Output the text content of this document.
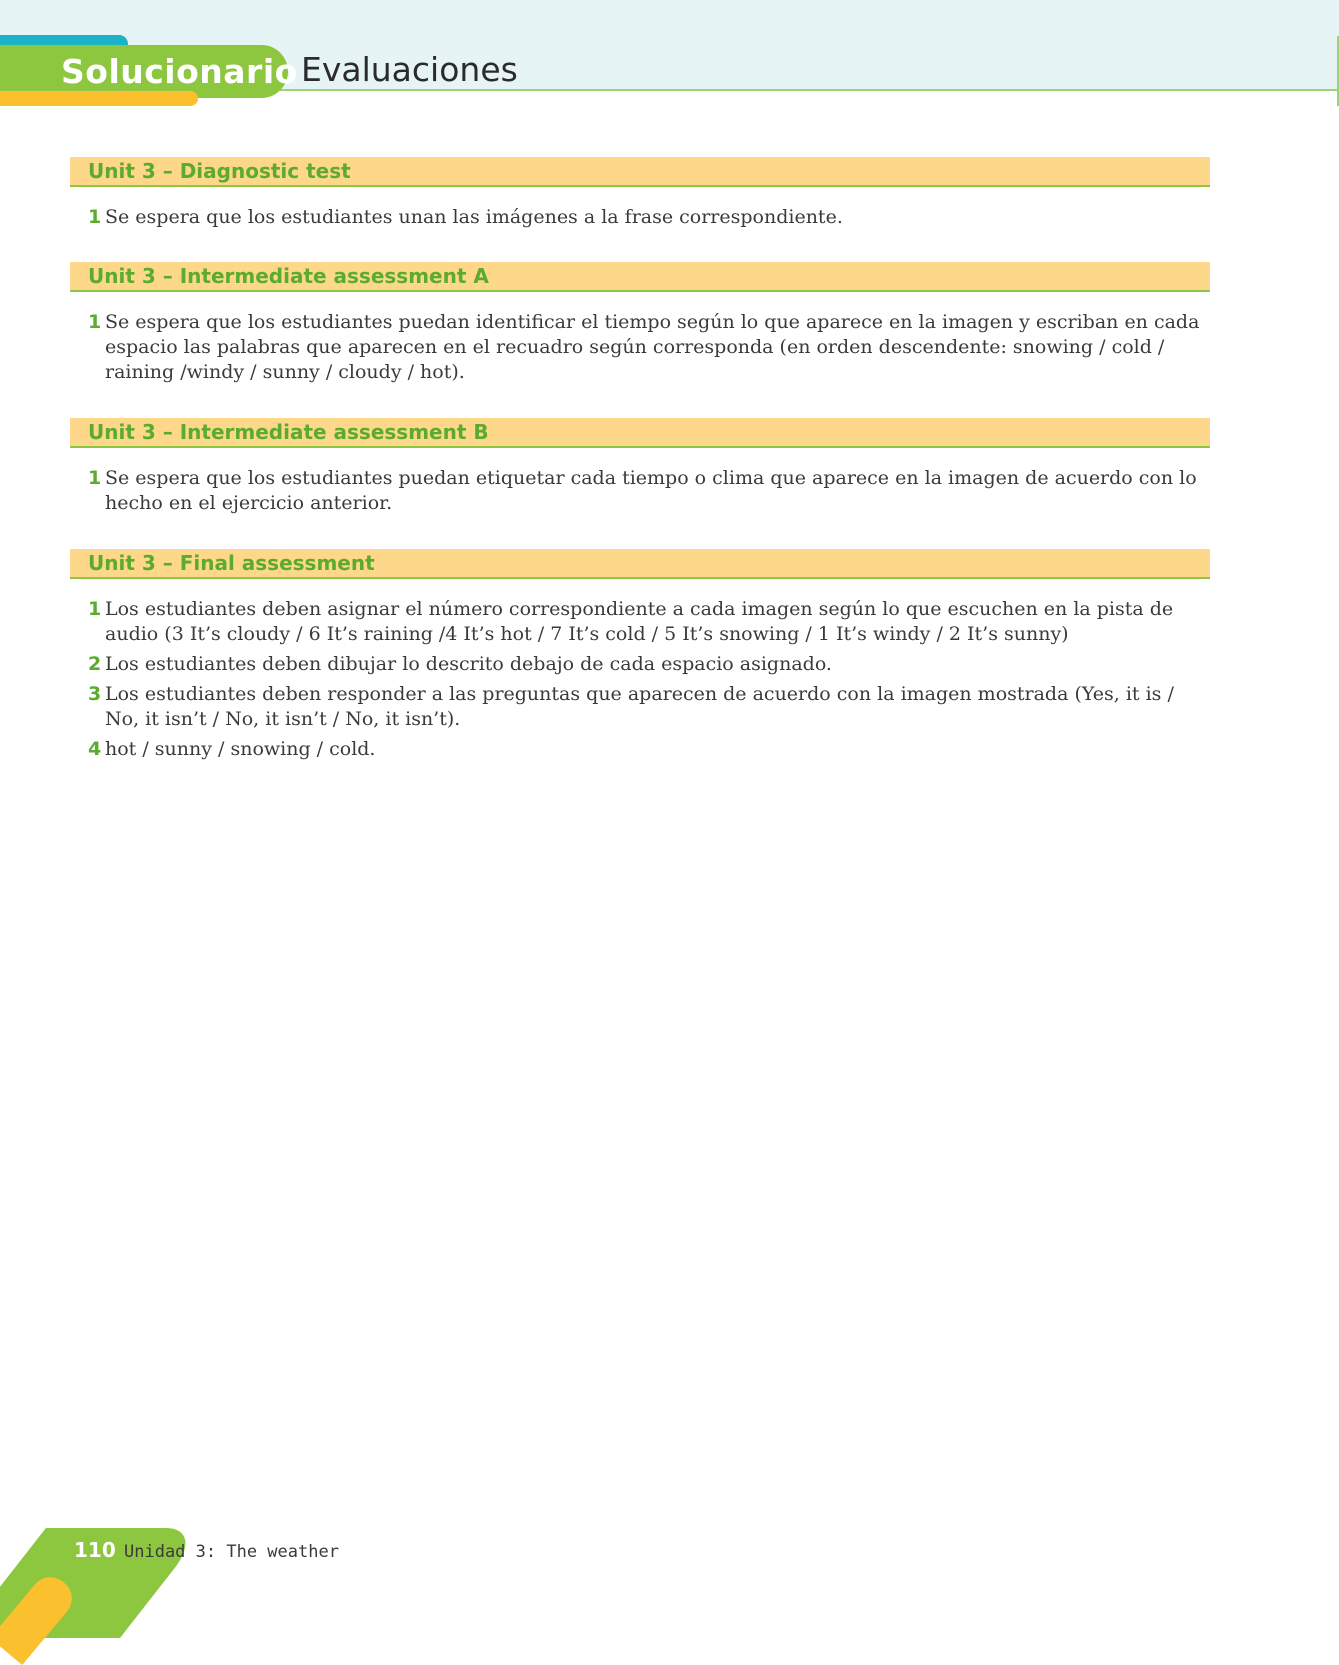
Solucionario Evaluaciones
Unit 3 – Diagnostic test
1 Se espera que los estudiantes unan las imágenes a la frase correspondiente.
Unit 3 – Intermediate assessment A
1 Se espera que los estudiantes puedan identificar el tiempo según lo que aparece en la imagen y escriban en cada espacio las palabras que aparecen en el recuadro según corresponda (en orden descendente: snowing / cold / raining /windy / sunny / cloudy / hot).
Unit 3 – Intermediate assessment B
1 Se espera que los estudiantes puedan etiquetar cada tiempo o clima que aparece en la imagen de acuerdo con lo hecho en el ejercicio anterior.
Unit 3 – Final assessment
1 Los estudiantes deben asignar el número correspondiente a cada imagen según lo que escuchen en la pista de audio (3 It’s cloudy / 6 It’s raining /4 It’s hot / 7 It’s cold / 5 It’s snowing / 1 It’s windy / 2 It’s sunny)
2 Los estudiantes deben dibujar lo descrito debajo de cada espacio asignado.
3 Los estudiantes deben responder a las preguntas que aparecen de acuerdo con la imagen mostrada (Yes, it is / No, it isn’t / No, it isn’t / No, it isn’t).
4 hot / sunny / snowing / cold.
110 Unidad 3: The weather
